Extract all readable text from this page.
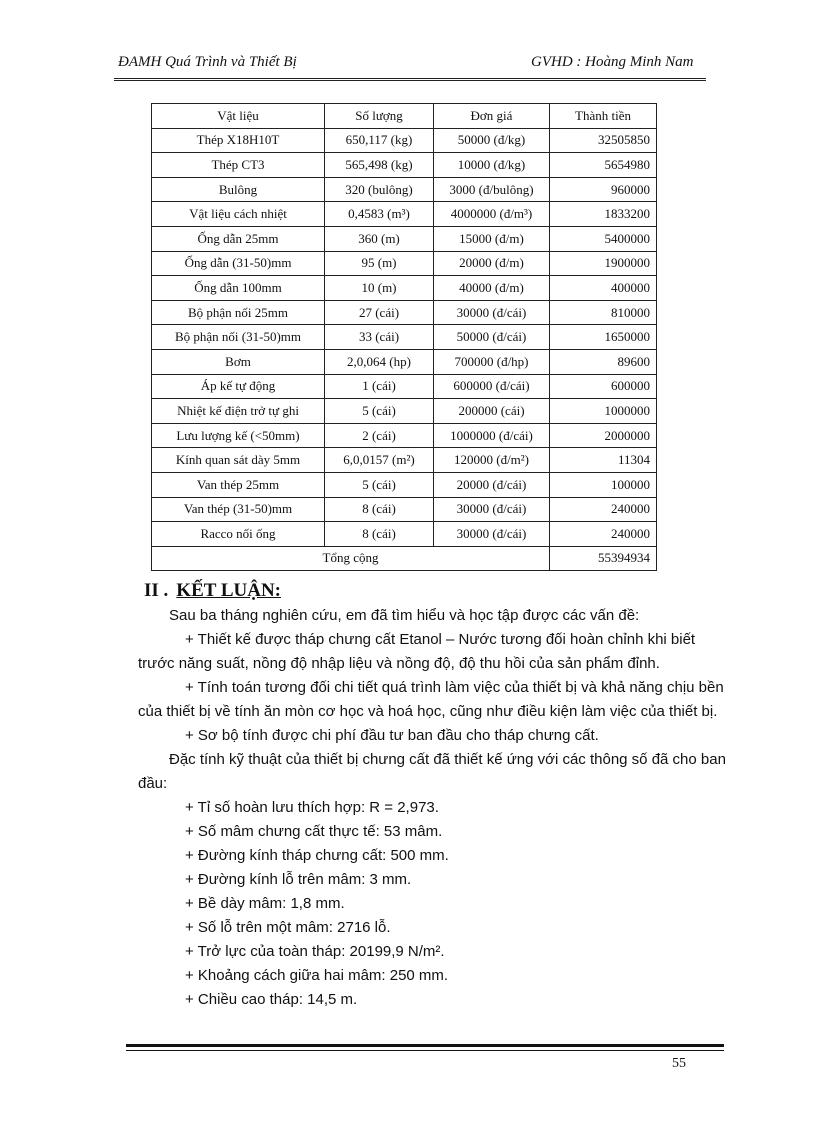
ĐAMH Quá Trình và Thiết Bị	GVHD : Hoàng Minh Nam
Vật liệu	Số lượng	Đơn giá	Thành tiền
Thép X18H10T	650,117 (kg)	50000 (đ/kg)	32505850
Thép CT3	565,498 (kg)	10000 (đ/kg)	5654980
Bulông	320 (bulông)	3000 (đ/bulông)	960000
Vật liệu cách nhiệt	0,4583 (m³)	4000000 (đ/m³)	1833200
Ống dẫn 25mm	360 (m)	15000 (đ/m)	5400000
Ống dẫn (31-50)mm	95 (m)	20000 (đ/m)	1900000
Ống dẫn 100mm	10 (m)	40000 (đ/m)	400000
Bộ phận nối 25mm	27 (cái)	30000 (đ/cái)	810000
Bộ phận nối (31-50)mm	33 (cái)	50000 (đ/cái)	1650000
Bơm	2,0,064 (hp)	700000 (đ/hp)	89600
Áp kế tự động	1 (cái)	600000 (đ/cái)	600000
Nhiệt kế điện trở tự ghi	5 (cái)	200000 (cái)	1000000
Lưu lượng kế (<50mm)	2 (cái)	1000000 (đ/cái)	2000000
Kính quan sát dày 5mm	6,0,0157 (m²)	120000 (đ/m²)	11304
Van thép 25mm	5 (cái)	20000 (đ/cái)	100000
Van thép (31-50)mm	8 (cái)	30000 (đ/cái)	240000
Racco nối ống	8 (cái)	30000 (đ/cái)	240000
Tổng cộng			55394934
II . KẾT LUẬN:

Sau ba tháng nghiên cứu, em đã tìm hiểu và học tập được các vấn đề:

+ Thiết kế được tháp chưng cất Etanol – Nước tương đối hoàn chỉnh khi biết trước năng suất, nồng độ nhập liệu và nồng độ, độ thu hồi của sản phẩm đỉnh.

+ Tính toán tương đối chi tiết quá trình làm việc của thiết bị và khả năng chịu bền của thiết bị về tính ăn mòn cơ học và hoá học, cũng như điều kiện làm việc của thiết bị.

+ Sơ bộ tính được chi phí đầu tư ban đầu cho tháp chưng cất.

Đặc tính kỹ thuật của thiết bị chưng cất đã thiết kế ứng với các thông số đã cho ban đầu:

+ Tỉ số hoàn lưu thích hợp: R = 2,973.

+ Số mâm chưng cất thực tế: 53 mâm.

+ Đường kính tháp chưng cất: 500 mm.

+ Đường kính lỗ trên mâm: 3 mm.

+ Bề dày mâm: 1,8 mm.

+ Số lỗ trên một mâm: 2716 lỗ.

+ Trở lực của toàn tháp: 20199,9 N/m².

+ Khoảng cách giữa hai mâm: 250 mm.

+ Chiều cao tháp: 14,5 m.

55
